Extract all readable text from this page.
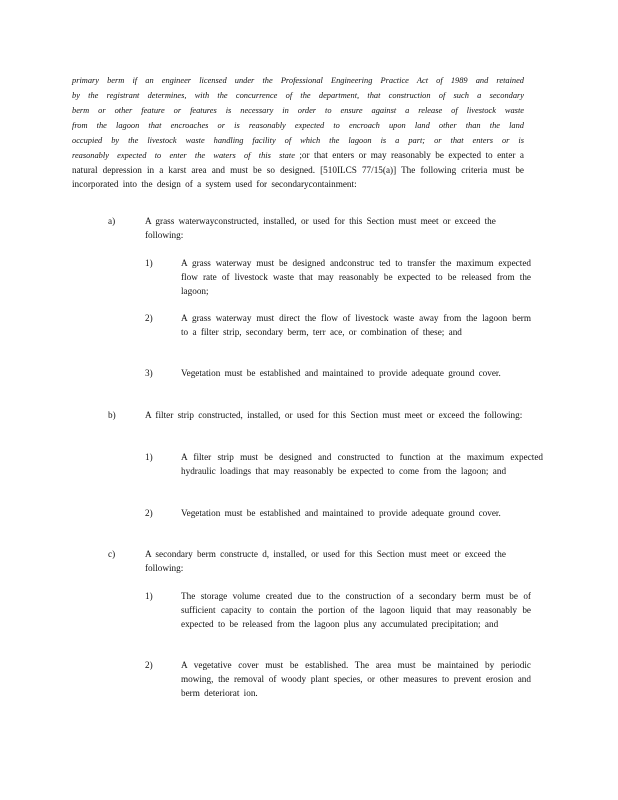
primary berm if an engineer licensed under the Professional Engineering Practice Act of 1989 and retained by the registrant determines, with the concurrence of the department, that construction of such a secondary berm or other feature or features is necessary in order to ensure against a release of livestock waste from the lagoon that encroaches or is reasonably expected to encroach upon land other than the land occupied by the livestock waste handling facility of which the lagoon is a part; or that enters or is reasonably expected to enter the waters of this state ;or that enters or may reasonably be expected to enter a natural depression in a karst area and must be so designed. [510ILCS 77/15(a)] The following criteria must be incorporated into the design of a system used for secondarycontainment:
a)	A grass waterwayconstructed, installed, or used for this Section must meet or exceed the following:
1)	A grass waterway must be designed andconstruc ted to transfer the maximum expected flow rate of livestock waste that may reasonably be expected to be released from the lagoon;
2)	A grass waterway must direct the flow of livestock waste away from the lagoon berm to a filter strip, secondary berm, terr ace, or combination of these; and
3)	Vegetation must be established and maintained to provide adequate ground cover.
b)	A filter strip constructed, installed, or used for this Section must meet or exceed the following:
1)	A filter strip must be designed and constructed to function at the maximum expected hydraulic loadings that may reasonably be expected to come from the lagoon; and
2)	Vegetation must be established and maintained to provide adequate ground cover.
c)	A secondary berm constructe d, installed, or used for this Section must meet or exceed the following:
1)	The storage volume created due to the construction of a secondary berm must be of sufficient capacity to contain the portion of the lagoon liquid that may reasonably be expected to be released from the lagoon plus any accumulated precipitation; and
2)	A vegetative cover must be established. The area must be maintained by periodic mowing, the removal of woody plant species, or other measures to prevent erosion and berm deteriorat ion.
